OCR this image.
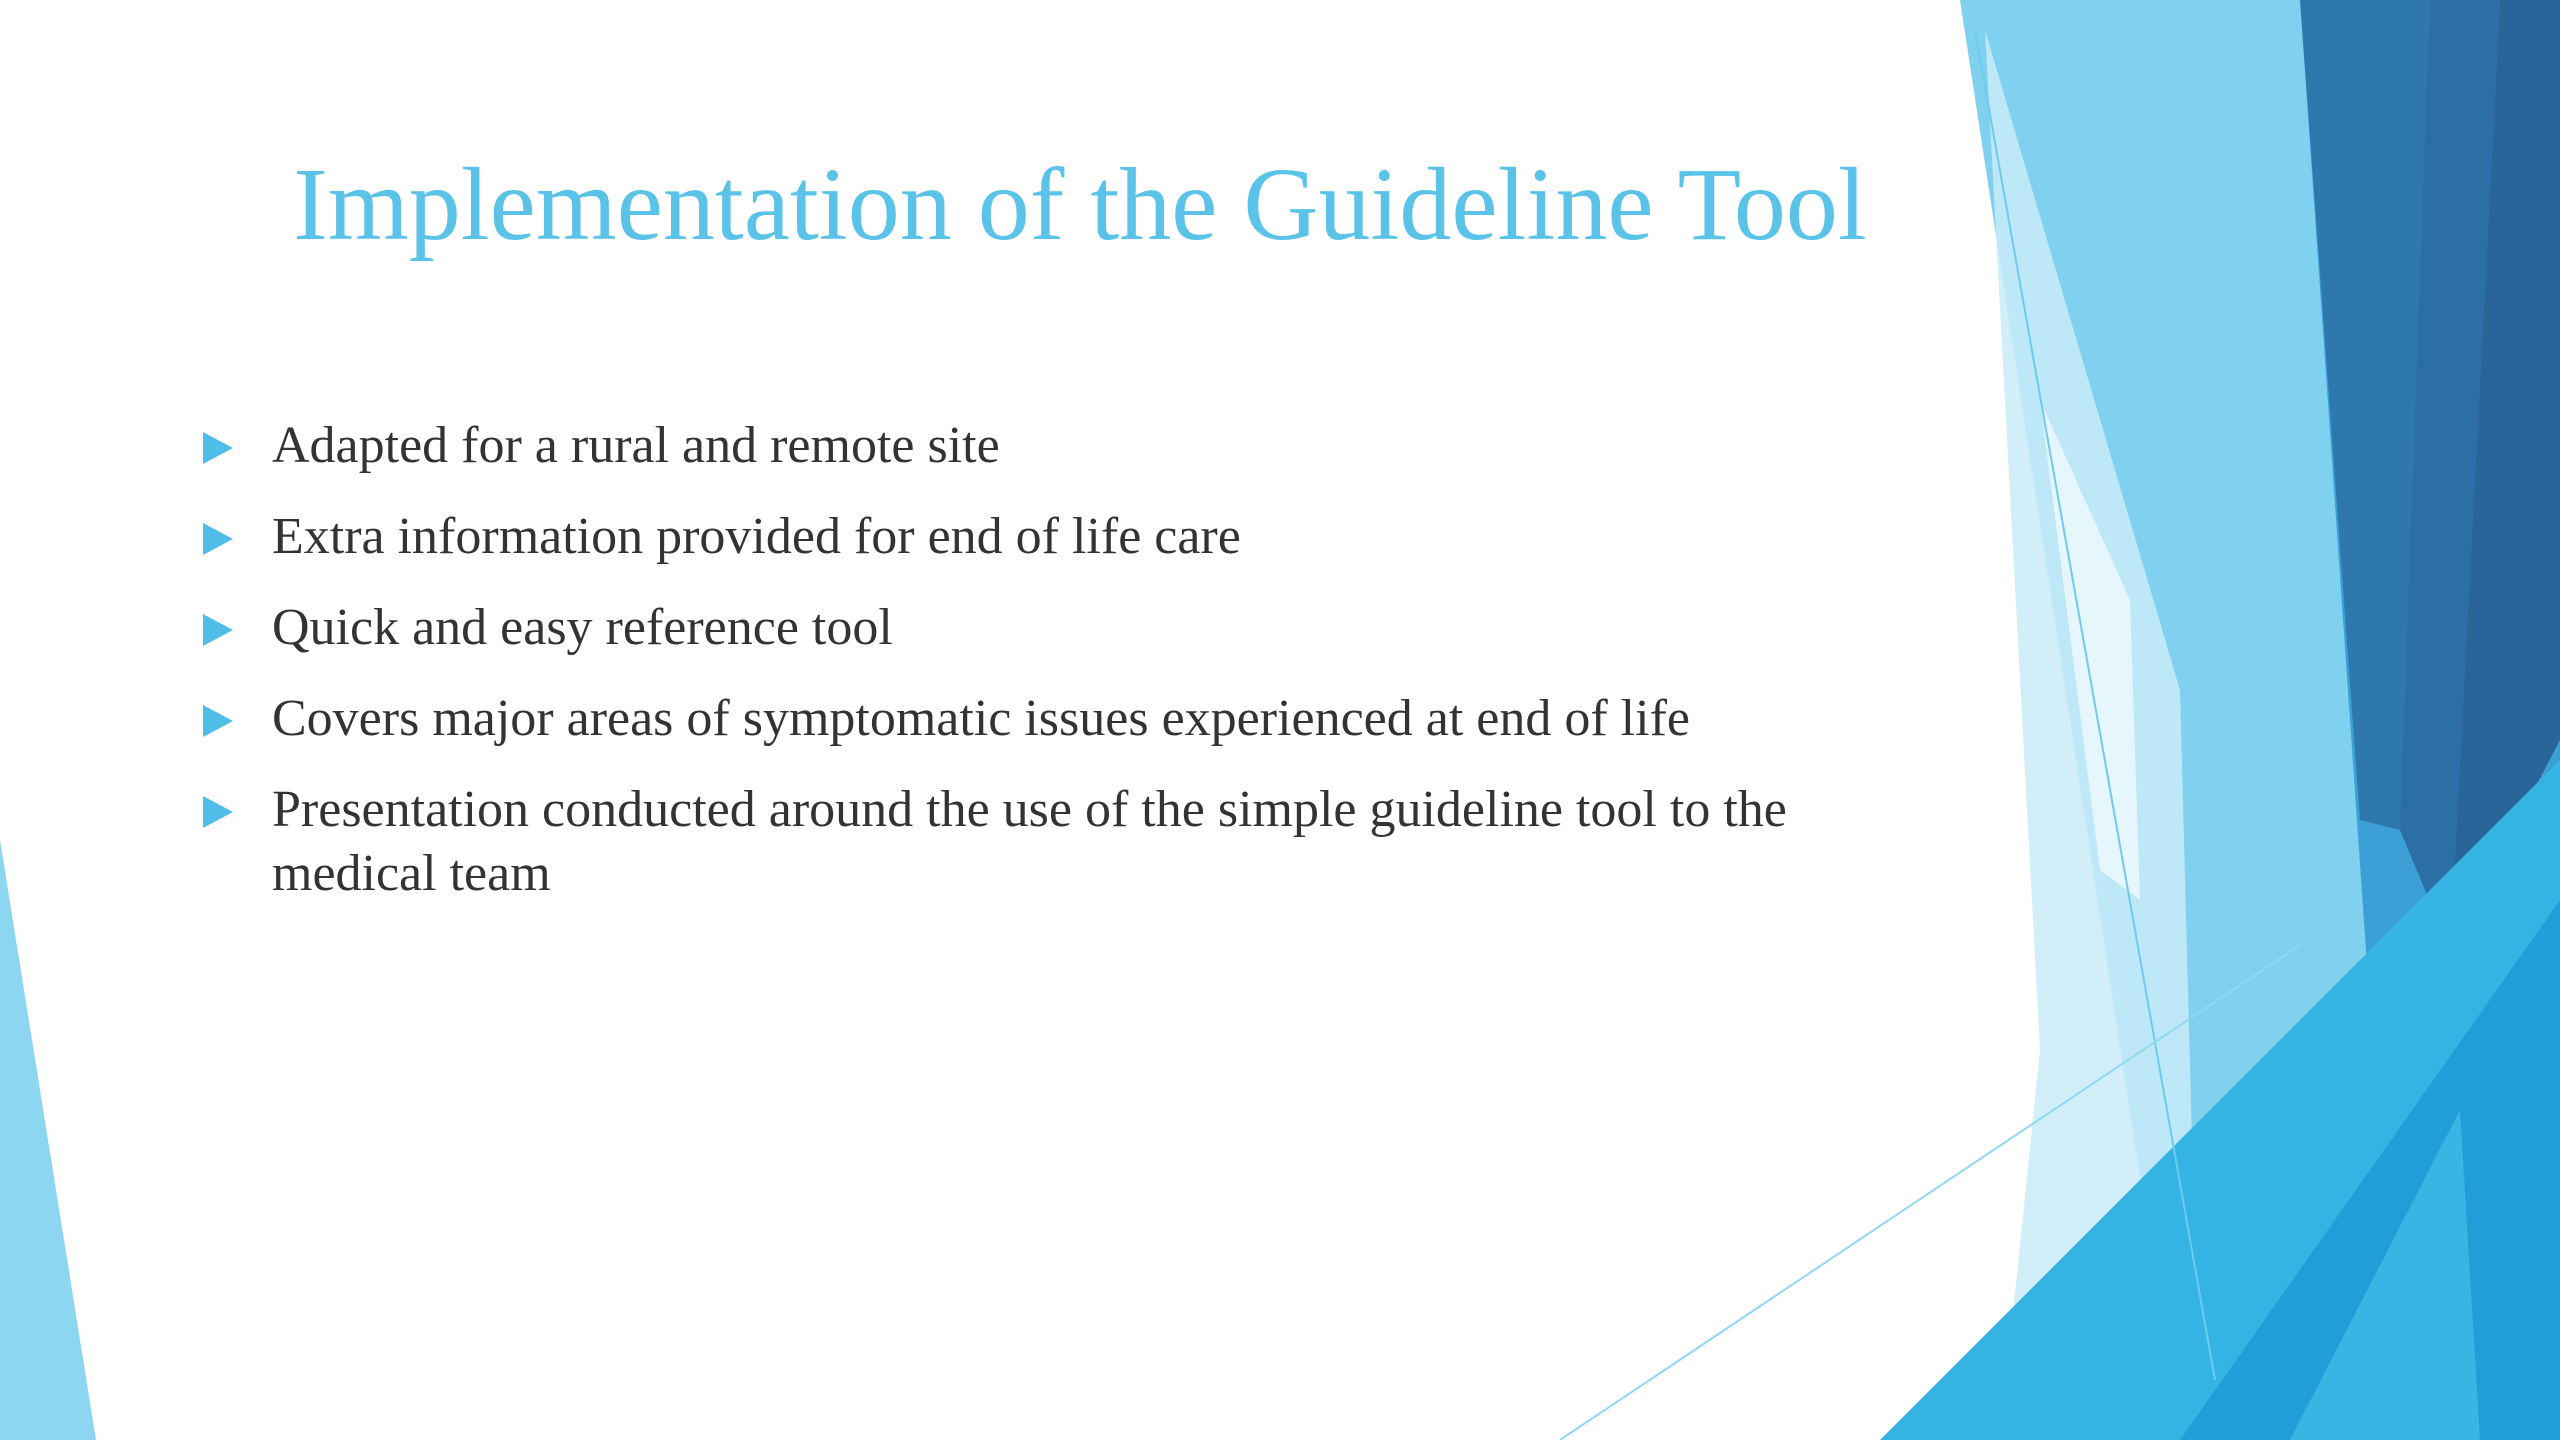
Implementation of the Guideline Tool
Adapted for a rural and remote site
Extra information provided for end of life care
Quick and easy reference tool
Covers major areas of symptomatic issues experienced at end of life
Presentation conducted around the use of the simple guideline tool to the medical team
